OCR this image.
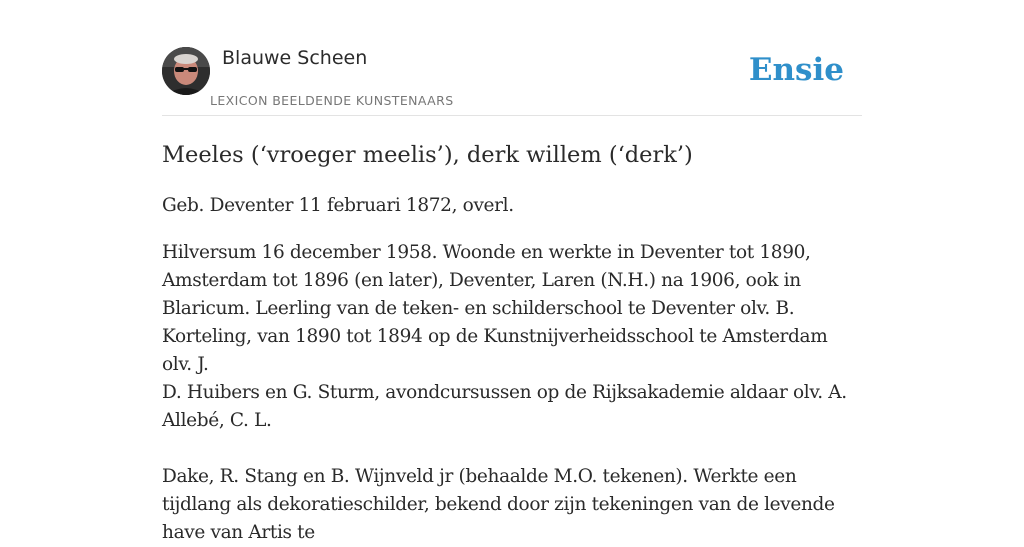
Blauwe Scheen
LEXICON BEELDENDE KUNSTENAARS
Ensie
Meeles (‘vroeger meelis’), derk willem (‘derk’)

Geb. Deventer 11 februari 1872, overl.

Hilversum 16 december 1958. Woonde en werkte in Deventer tot 1890, Amsterdam tot 1896 (en later), Deventer, Laren (N.H.) na 1906, ook in Blaricum. Leerling van de teken- en schilderschool te Deventer olv. B. Korteling, van 1890 tot 1894 op de Kunstnijverheidsschool te Amsterdam olv. J.

D. Huibers en G. Sturm, avondcursussen op de Rijksakademie aldaar olv. A. Allebé, C. L.

Dake, R. Stang en B. Wijnveld jr (behaalde M.O. tekenen). Werkte een tijdlang als dekoratieschilder, bekend door zijn tekeningen van de levende have van Artis te
